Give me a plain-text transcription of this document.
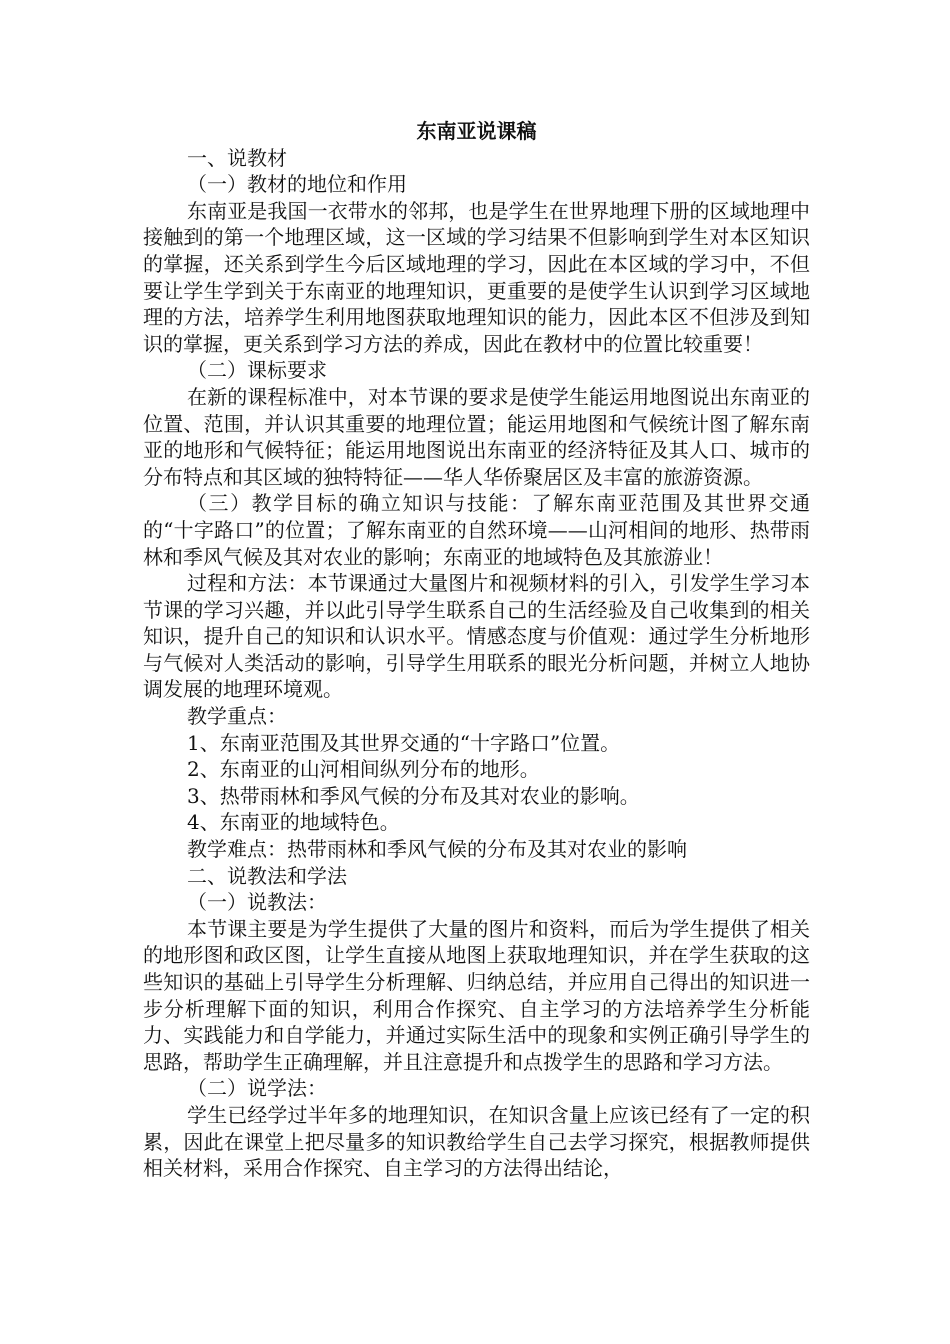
东南亚说课稿

一、说教材

（一）教材的地位和作用

东南亚是我国一衣带水的邻邦，也是学生在世界地理下册的区域地理中接触到的第一个地理区域，这一区域的学习结果不但影响到学生对本区知识的掌握，还关系到学生今后区域地理的学习，因此在本区域的学习中，不但要让学生学到关于东南亚的地理知识，更重要的是使学生认识到学习区域地理的方法，培养学生利用地图获取地理知识的能力，因此本区不但涉及到知识的掌握，更关系到学习方法的养成，因此在教材中的位置比较重要！

（二）课标要求

在新的课程标准中，对本节课的要求是使学生能运用地图说出东南亚的位置、范围，并认识其重要的地理位置；能运用地图和气候统计图了解东南亚的地形和气候特征；能运用地图说出东南亚的经济特征及其人口、城市的分布特点和其区域的独特特征——华人华侨聚居区及丰富的旅游资源。

（三）教学目标的确立知识与技能：了解东南亚范围及其世界交通的“十字路口”的位置；了解东南亚的自然环境——山河相间的地形、热带雨林和季风气候及其对农业的影响；东南亚的地域特色及其旅游业！

过程和方法：本节课通过大量图片和视频材料的引入，引发学生学习本节课的学习兴趣，并以此引导学生联系自己的生活经验及自己收集到的相关知识，提升自己的知识和认识水平。情感态度与价值观：通过学生分析地形与气候对人类活动的影响，引导学生用联系的眼光分析问题，并树立人地协调发展的地理环境观。

教学重点：

1、东南亚范围及其世界交通的“十字路口”位置。

2、东南亚的山河相间纵列分布的地形。

3、热带雨林和季风气候的分布及其对农业的影响。

4、东南亚的地域特色。

教学难点：热带雨林和季风气候的分布及其对农业的影响

二、说教法和学法

（一）说教法：

本节课主要是为学生提供了大量的图片和资料，而后为学生提供了相关的地形图和政区图，让学生直接从地图上获取地理知识，并在学生获取的这些知识的基础上引导学生分析理解、归纳总结，并应用自己得出的知识进一步分析理解下面的知识，利用合作探究、自主学习的方法培养学生分析能力、实践能力和自学能力，并通过实际生活中的现象和实例正确引导学生的思路，帮助学生正确理解，并且注意提升和点拨学生的思路和学习方法。

（二）说学法：

学生已经学过半年多的地理知识，在知识含量上应该已经有了一定的积累，因此在课堂上把尽量多的知识教给学生自己去学习探究，根据教师提供相关材料，采用合作探究、自主学习的方法得出结论，
